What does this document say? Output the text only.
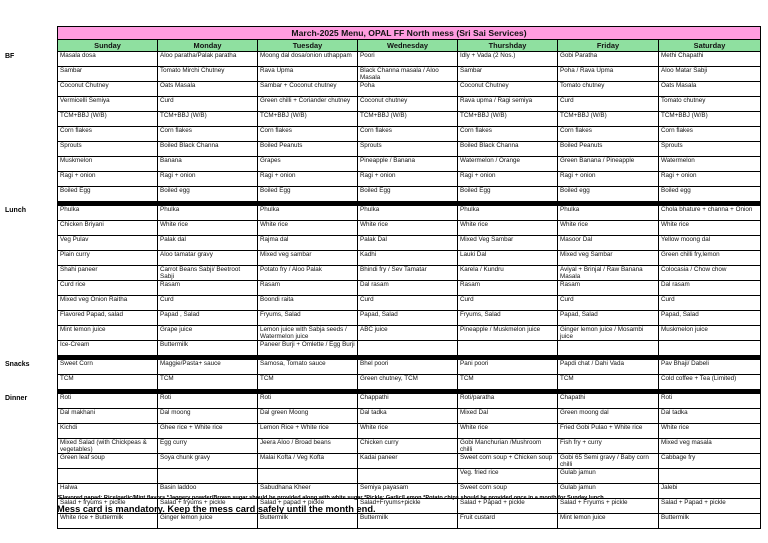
March-2025 Menu, OPAL FF North mess (Sri Sai Services)						
Sunday	Monday	Tuesday	Wednesday	Thurshday	Friday	Saturday
Masala dosa	Aloo paratha/Palak paratha	Moong dal dosa/onion uthappam	Poori	Idly + Vada (2 Nos.)	Gobi Paratha	Methi Chapathi
Sambar	Tomato Mirchi Chutney	Rava Upma	Black Channa masala / Aloo Masala	Sambar	Poha / Rava Upma	Aloo Matar Sabji
Coconut Chutney	Oats Masala	Sambar + Coconut chutney	Poha	Coconut Chutney	Tomato chutney	Oats Masala
Vermicelli Semiya	Curd	Green chilli + Coriander chutney	Coconut chutney	Rava upma / Ragi semiya	Curd	Tomato chutney
TCM+BBJ (W/B)	TCM+BBJ (W/B)	TCM+BBJ (W/B)	TCM+BBJ (W/B)	TCM+BBJ (W/B)	TCM+BBJ (W/B)	TCM+BBJ (W/B)
Corn flakes	Corn flakes	Corn flakes	Corn flakes	Corn flakes	Corn flakes	Corn flakes
Sprouts	Boiled Black Channa	Boiled Peanuts	Sprouts	Boiled Black Channa	Boiled Peanuts	Sprouts
Muskmelon	Banana	Grapes	Pineapple / Banana	Watermelon / Orange	Green Banana / Pineapple	Watermelon
Ragi + onion	Ragi + onion	Ragi + onion	Ragi + onion	Ragi + onion	Ragi + onion	Ragi + onion
Boiled Egg	Boiled egg	Boiled Egg	Boiled Egg	Boiled Egg	Boiled egg	Boiled egg

Phulka	Phulka	Phulka	Phulka	Phulka	Phulka	Chola bhature + channa + Onion
Chicken Briyani	White rice	White rice	White rice	White rice	White rice	White rice
Veg Pulav	Palak dal	Rajma dal	Palak Dal	Mixed Veg Sambar	Masoor Dal	Yellow moong dal
Plain curry	Aloo tamatar gravy	Mixed veg sambar	Kadhi	Lauki Dal	Mixed veg Sambar	Green chilli fry,lemon
Shahi paneer	Carrot Beans Sabji/ Beetroot Sabji	Potato fry / Aloo Palak	Bhindi fry / Sev Tamatar	Karela / Kundru	Aviyal + Brinjal / Raw Banana Masala	Colocasia / Chow chow
Curd rice	Rasam	Rasam	Dal rasam	Rasam	Rasam	Dal rasam
Mixed veg Onion Raitha	Curd	Boondi raita	Curd	Curd	Curd	Curd
Flavored Papad, salad	Papad , Salad	Fryums, Salad	Papad, Salad	Fryums, Salad	Papad, Salad	Papad, Salad
Mint lemon juice	Grape juice	Lemon juice with Sabja seeds / Watermelon juice	ABC juice	Pineapple / Muskmelon juice	Ginger lemon juice / Mosambi juice	Muskmelon juice
Ice-Cream	Buttermilk	Paneer Burji + Omlette / Egg Burji				

Sweet Corn	Maggie/Pasta+ sauce	Samosa, Tomato sauce	Bhel poori	Pani poori	Papdi chat / Dahi Vada	Pav Bhaji/ Dabeli
TCM	TCM	TCM	Green chutney, TCM	TCM	TCM	Cold coffee + Tea (Limited)

Roti	Roti	Roti	Chappathi	Roti/paratha	Chapathi	Roti
Dal makhani	Dal moong	Dal green Moong	Dal tadka	Mixed Dal	Green moong dal	Dal tadka
Kichdi	Ghee rice + White rice	Lemon Rice + White rice	White rice	White rice	Fried Gobi Pulao + White rice	White rice
Mixed Salad (with Chickpeas & vegetables)	Egg curry	Jeera Aloo / Broad beans	Chicken curry	Gobi Manchurian /Mushroom chilli	Fish fry + curry	Mixed veg masala
Green leaf soup	Soya chunk gravy	Malai Kofta / Veg Kofta	Kadai paneer	Sweet corn soup + Chicken soup	Gobi 65 Semi gravy / Baby corn chilli	Cabbage fry
				Veg. fried rice	Gulab jamun	
Halwa	Basin laddoo	Sabudhana Kheer	Semiya payasam	Sweet corn soup	Gulab jamun	Jalebi
Salad + fryums + pickle	Salad + fryums + pickle	Salad + papad + pickle	Salad+Fryums+pickle	Salad + Papad + pickle	Salad + Fryums + pickle	Salad + Papad + pickle
White rice + Buttermilk	Ginger lemon juice	Buttermilk	Buttermilk	Fruit custard	Mint lemon juice	Buttermilk
BF
Lunch
Snacks
Dinner
*Flavored papad: Rice/garlic/Mint flavors *Jaggery powder/Brown sugar should be provided along with white sugar *Pickle: Garlic/Lemon *Potato chips should be provided once in a month for Sunday lunch
Mess card is mandatory. Keep the mess card safely until the month end.
